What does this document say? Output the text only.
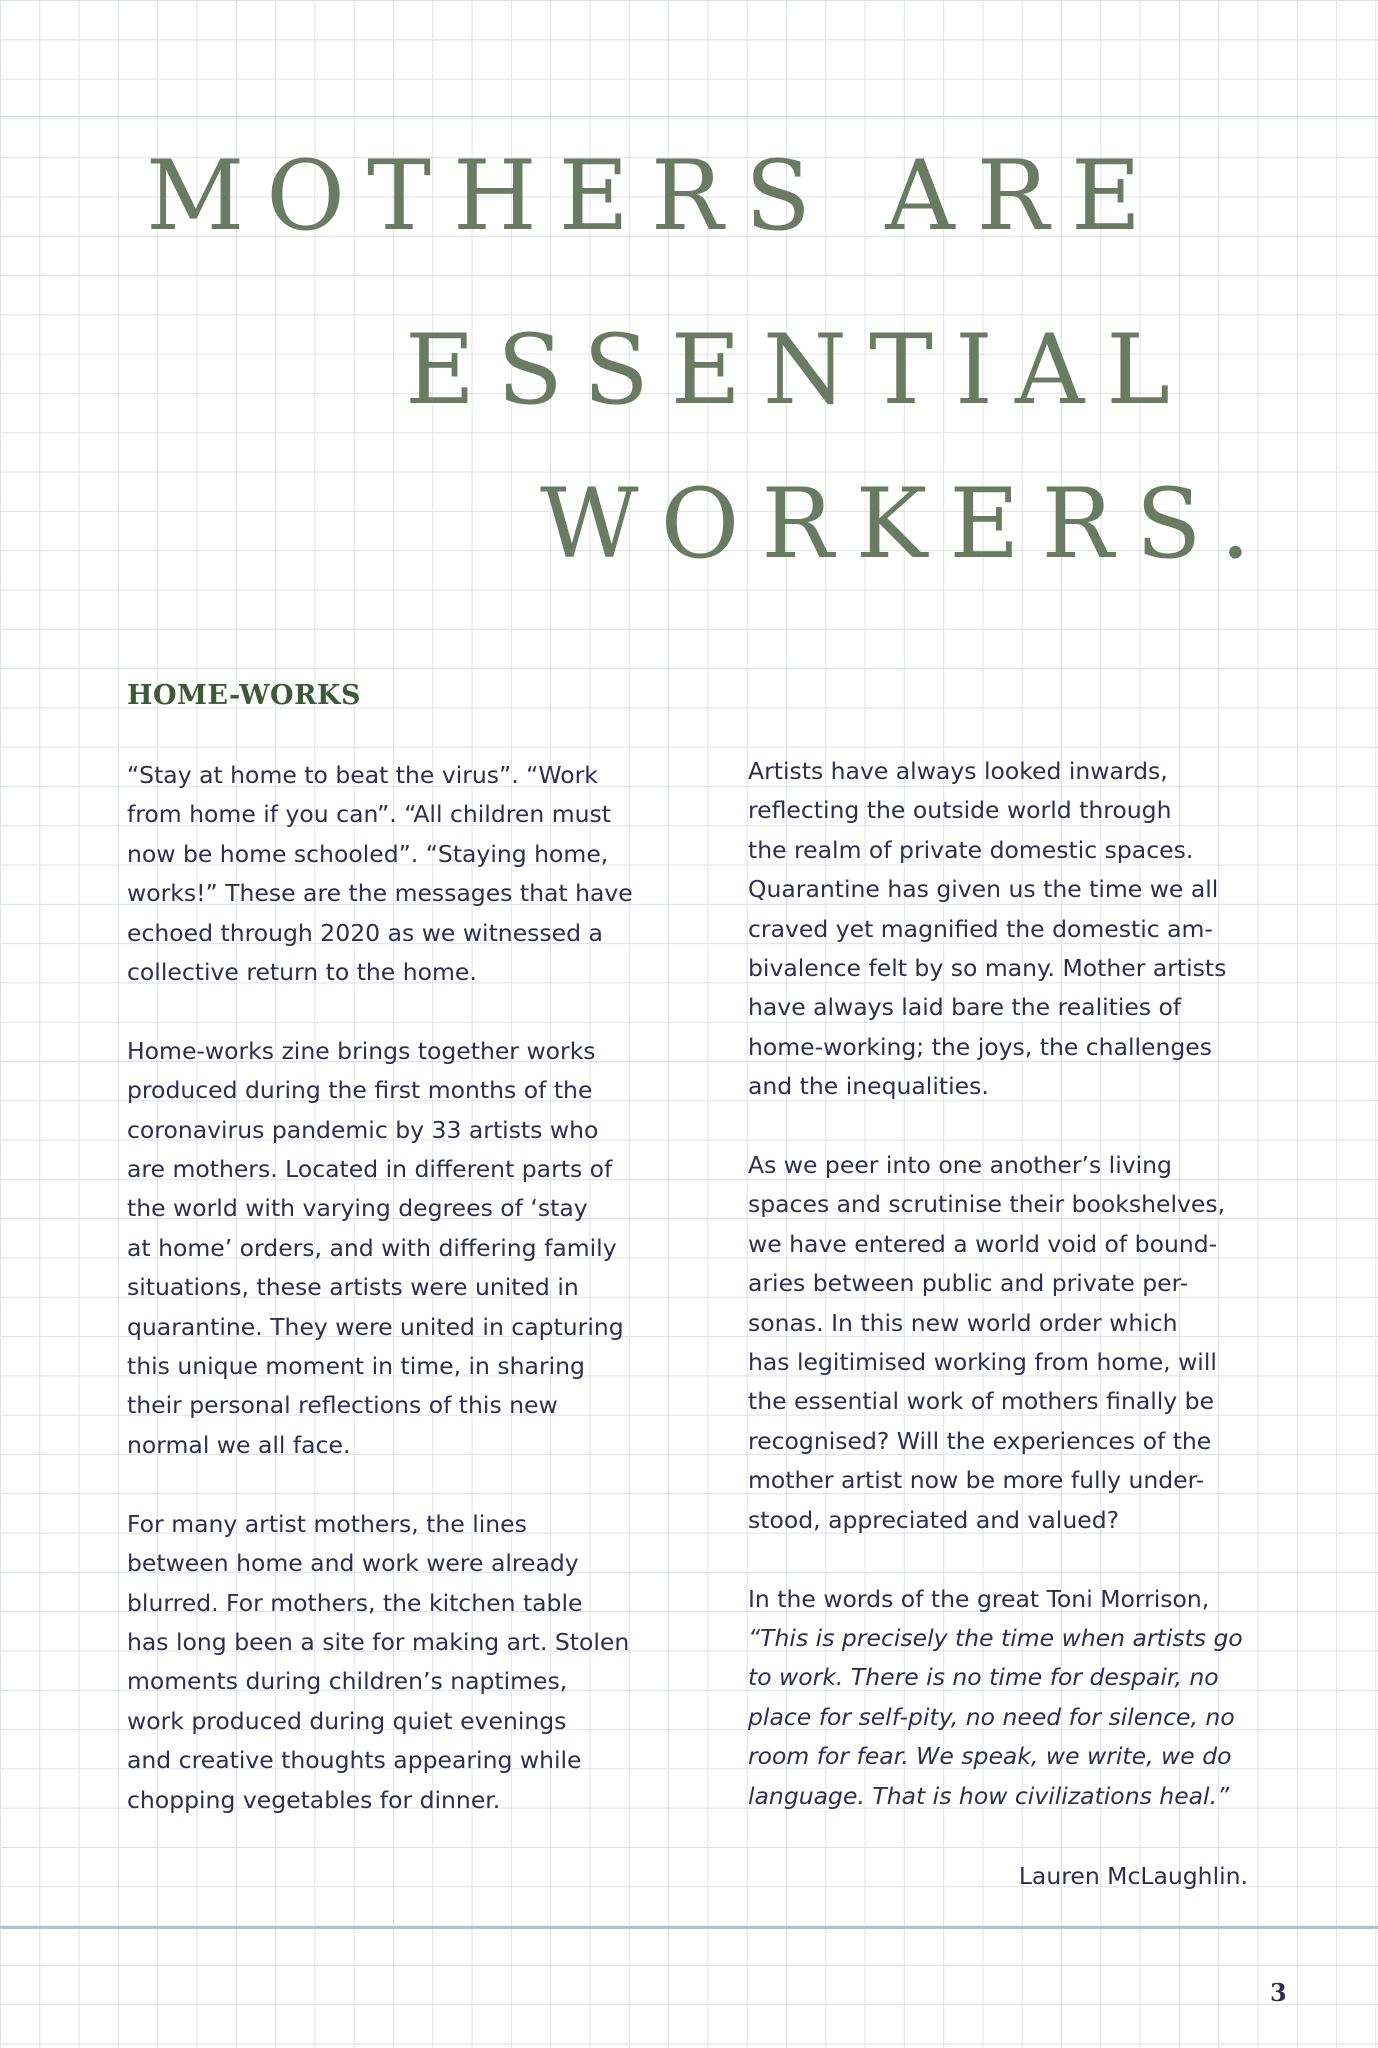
MOTHERS ARE
ESSENTIAL
WORKERS.
HOME-WORKS

“Stay at home to beat the virus”. “Work
from home if you can”. “All children must
now be home schooled”. “Staying home,
works!” These are the messages that have
echoed through 2020 as we witnessed a
collective return to the home.

Home-works zine brings together works
produced during the first months of the
coronavirus pandemic by 33 artists who
are mothers. Located in different parts of
the world with varying degrees of ‘stay
at home’ orders, and with differing family
situations, these artists were united in
quarantine. They were united in capturing
this unique moment in time, in sharing
their personal reflections of this new
normal we all face.

For many artist mothers, the lines
between home and work were already
blurred. For mothers, the kitchen table
has long been a site for making art. Stolen
moments during children’s naptimes,
work produced during quiet evenings
and creative thoughts appearing while
chopping vegetables for dinner.

Artists have always looked inwards,
reflecting the outside world through
the realm of private domestic spaces.
Quarantine has given us the time we all
craved yet magnified the domestic am-
bivalence felt by so many. Mother artists
have always laid bare the realities of
home-working; the joys, the challenges
and the inequalities.

As we peer into one another’s living
spaces and scrutinise their bookshelves,
we have entered a world void of bound-
aries between public and private per-
sonas. In this new world order which
has legitimised working from home, will
the essential work of mothers finally be
recognised? Will the experiences of the
mother artist now be more fully under-
stood, appreciated and valued?

In the words of the great Toni Morrison,
“This is precisely the time when artists go
to work. There is no time for despair, no
place for self-pity, no need for silence, no
room for fear. We speak, we write, we do
language. That is how civilizations heal.”

Lauren McLaughlin.
3
